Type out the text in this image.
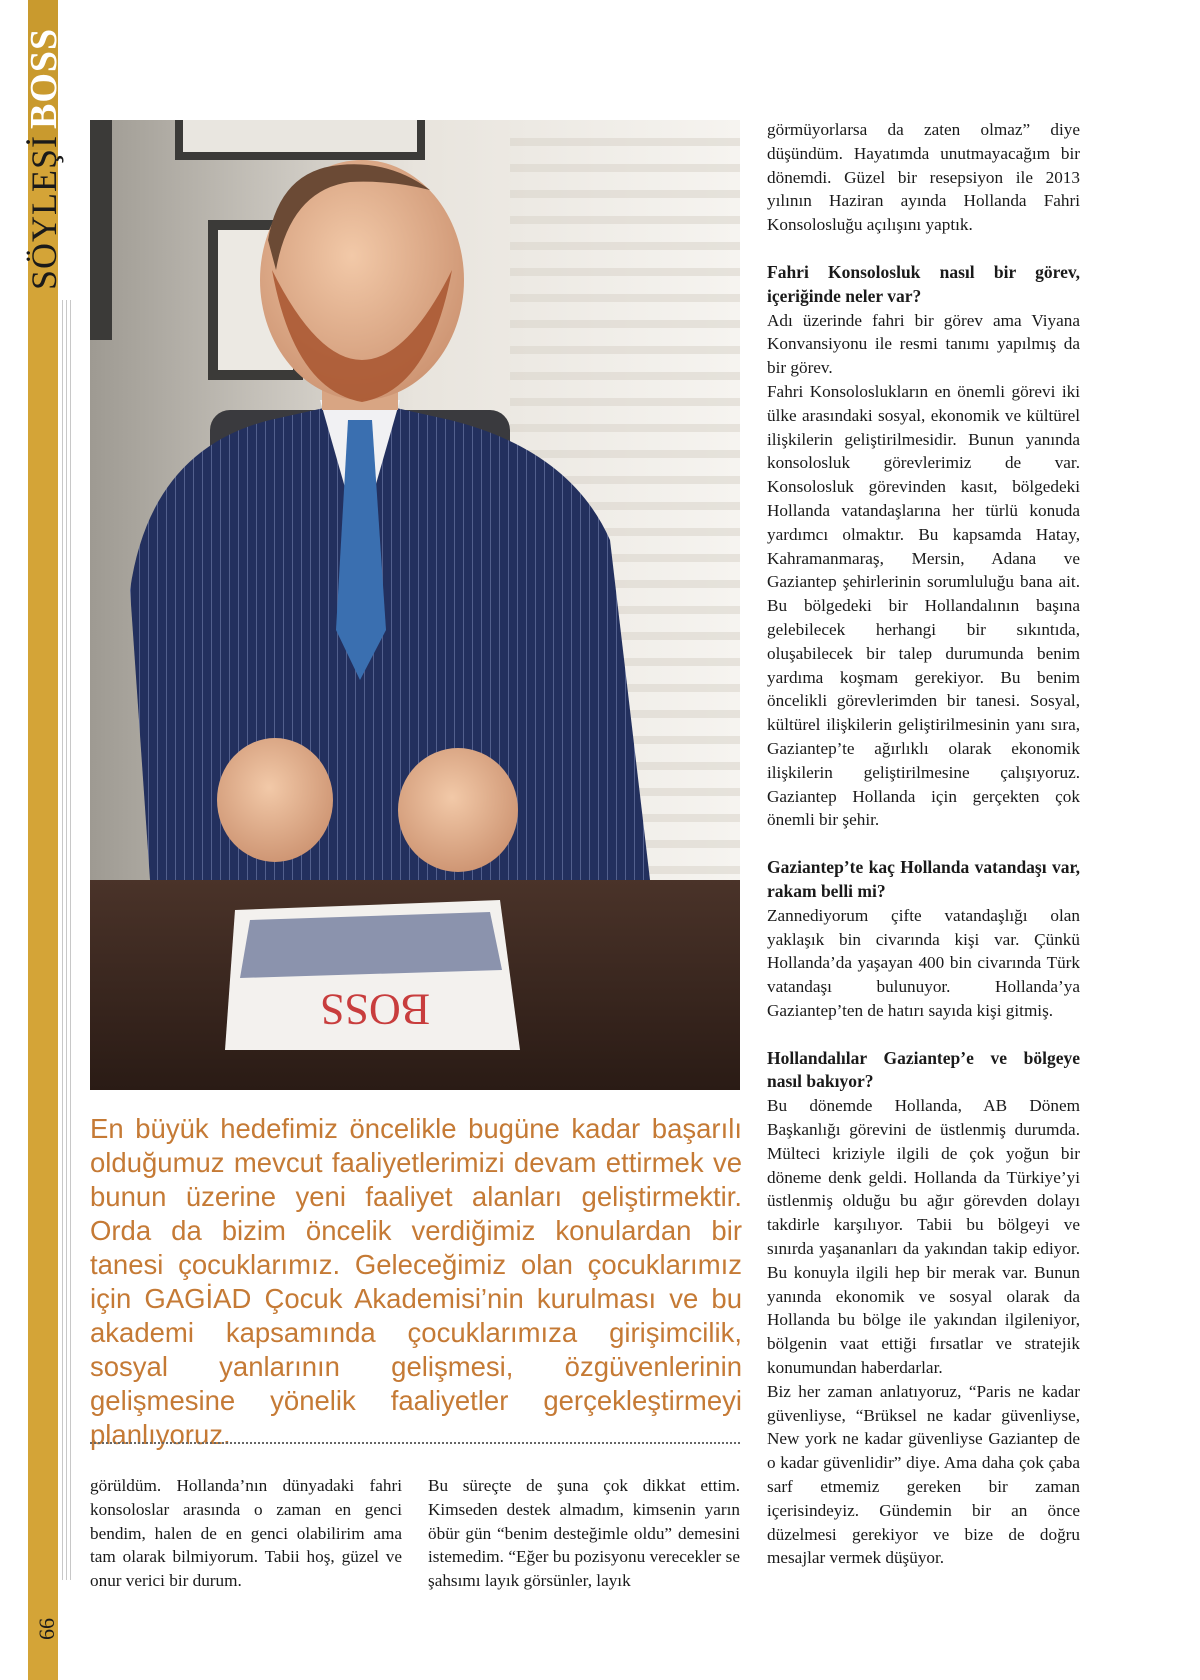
SÖYLEŞİ
BOSS
66
BOSS

En büyük hedefimiz öncelikle bugüne kadar başarılı olduğumuz mevcut faaliyetlerimizi devam ettirmek ve bunun üzerine yeni faaliyet alanları geliştirmektir. Orda da bizim öncelik verdiğimiz konulardan bir tanesi çocuklarımız. Geleceğimiz olan çocuklarımız için GAGİAD Çocuk Akademisi’nin kurulması ve bu akademi kapsamında çocuklarımıza girişimcilik, sosyal yanlarının gelişmesi, özgüvenlerinin gelişmesine yönelik faaliyetler gerçekleştirmeyi planlıyoruz.

görüldüm. Hollanda’nın dünyadaki fahri konsoloslar arasında o zaman en genci bendim, halen de en genci olabilirim ama tam olarak bilmiyorum. Tabii hoş, güzel ve onur verici bir durum.

Bu süreçte de şuna çok dikkat ettim. Kimseden destek almadım, kimsenin yarın öbür gün “benim desteğimle oldu” demesini istemedim. “Eğer bu pozisyonu verecekler se şahsımı layık görsünler, layık

görmüyorlarsa da zaten olmaz” diye düşündüm. Hayatımda unutmayacağım bir dönemdi. Güzel bir resepsiyon ile 2013 yılının Haziran ayında Hollanda Fahri Konsolosluğu açılışını yaptık.

Fahri Konsolosluk nasıl bir görev, içeriğinde neler var?

Adı üzerinde fahri bir görev ama Viyana Konvansiyonu ile resmi tanımı yapılmış da bir görev.

Fahri Konsoloslukların en önemli görevi iki ülke arasındaki sosyal, ekonomik ve kültürel ilişkilerin geliştirilmesidir. Bunun yanında konsolosluk görevlerimiz de var. Konsolosluk görevinden kasıt, bölgedeki Hollanda vatandaşlarına her türlü konuda yardımcı olmaktır. Bu kapsamda Hatay, Kahramanmaraş, Mersin, Adana ve Gaziantep şehirlerinin sorumluluğu bana ait. Bu bölgedeki bir Hollandalının başına gelebilecek herhangi bir sıkıntıda, oluşabilecek bir talep durumunda benim yardıma koşmam gerekiyor. Bu benim öncelikli görevlerimden bir tanesi. Sosyal, kültürel ilişkilerin geliştirilmesinin yanı sıra, Gaziantep’te ağırlıklı olarak ekonomik ilişkilerin geliştirilmesine çalışıyoruz. Gaziantep Hollanda için gerçekten çok önemli bir şehir.

Gaziantep’te kaç Hollanda vatandaşı var, rakam belli mi?

Zannediyorum çifte vatandaşlığı olan yaklaşık bin civarında kişi var. Çünkü Hollanda’da yaşayan 400 bin civarında Türk vatandaşı bulunuyor. Hollanda’ya Gaziantep’ten de hatırı sayıda kişi gitmiş.

Hollandalılar Gaziantep’e ve bölgeye nasıl bakıyor?

Bu dönemde Hollanda, AB Dönem Başkanlığı görevini de üstlenmiş durumda. Mülteci kriziyle ilgili de çok yoğun bir döneme denk geldi. Hollanda da Türkiye’yi üstlenmiş olduğu bu ağır görevden dolayı takdirle karşılıyor. Tabii bu bölgeyi ve sınırda yaşananları da yakından takip ediyor. Bu konuyla ilgili hep bir merak var. Bunun yanında ekonomik ve sosyal olarak da Hollanda bu bölge ile yakından ilgileniyor, bölgenin vaat ettiği fırsatlar ve stratejik konumundan haberdarlar.

Biz her zaman anlatıyoruz, “Paris ne kadar güvenliyse, “Brüksel ne kadar güvenliyse, New york ne kadar güvenliyse Gaziantep de o kadar güvenlidir” diye. Ama daha çok çaba sarf etmemiz gereken bir zaman içerisindeyiz. Gündemin bir an önce düzelmesi gerekiyor ve bize de doğru mesajlar vermek düşüyor.
